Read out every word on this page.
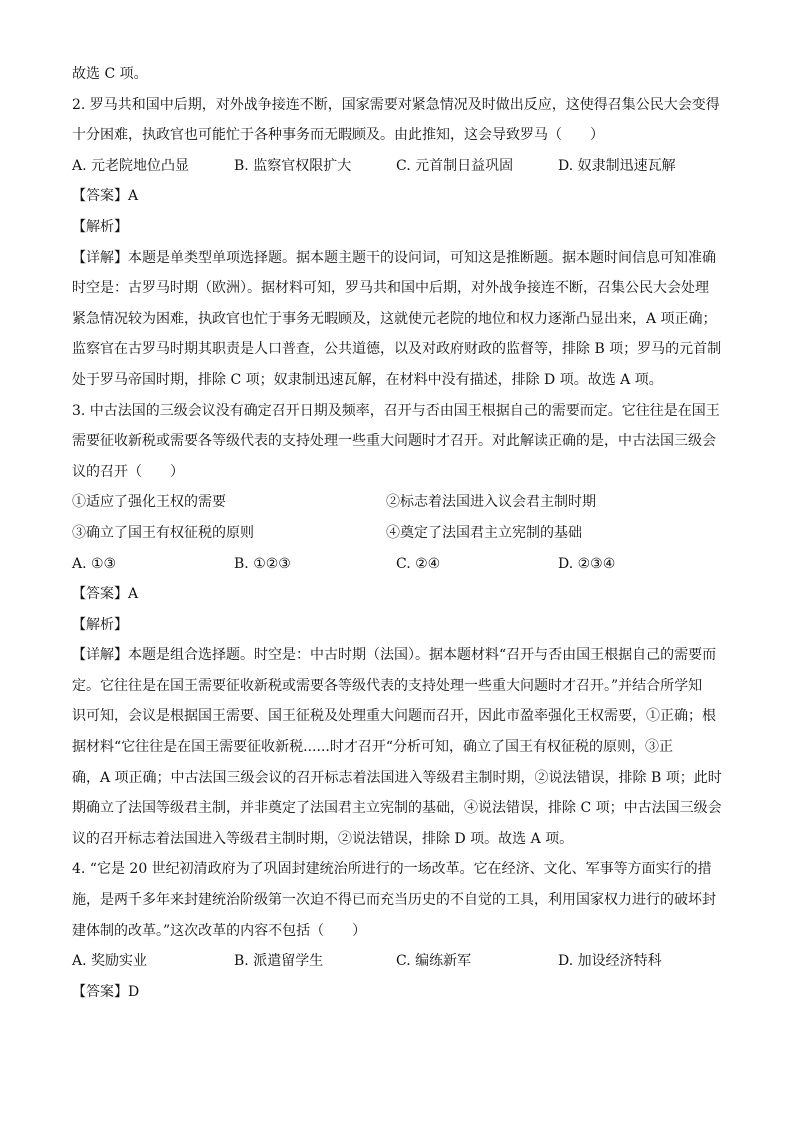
故选 C 项。
2. 罗马共和国中后期，对外战争接连不断，国家需要对紧急情况及时做出反应，这使得召集公民大会变得
十分困难，执政官也可能忙于各种事务而无暇顾及。由此推知，这会导致罗马（　　）
A. 元老院地位凸显	B. 监察官权限扩大	C. 元首制日益巩固	D. 奴隶制迅速瓦解
【答案】A
【解析】
【详解】本题是单类型单项选择题。据本题主题干的设问词，可知这是推断题。据本题时间信息可知准确
时空是：古罗马时期（欧洲）。据材料可知，罗马共和国中后期，对外战争接连不断，召集公民大会处理
紧急情况较为困难，执政官也忙于事务无暇顾及，这就使元老院的地位和权力逐渐凸显出来，A 项正确；
监察官在古罗马时期其职责是人口普查，公共道德，以及对政府财政的监督等，排除 B 项；罗马的元首制
处于罗马帝国时期，排除 C 项；奴隶制迅速瓦解，在材料中没有描述，排除 D 项。故选 A 项。
3. 中古法国的三级会议没有确定召开日期及频率，召开与否由国王根据自己的需要而定。它往往是在国王
需要征收新税或需要各等级代表的支持处理一些重大问题时才召开。对此解读正确的是，中古法国三级会
议的召开（　　）
①适应了强化王权的需要	②标志着法国进入议会君主制时期
③确立了国王有权征税的原则	④奠定了法国君主立宪制的基础
A. ①③	B. ①②③	C. ②④	D. ②③④
【答案】A
【解析】
【详解】本题是组合选择题。时空是：中古时期（法国）。据本题材料“召开与否由国王根据自己的需要而
定。它往往是在国王需要征收新税或需要各等级代表的支持处理一些重大问题时才召开。”并结合所学知
识可知，会议是根据国王需要、国王征税及处理重大问题而召开，因此市盈率强化王权需要，①正确；根
据材料“它往往是在国王需要征收新税......时才召开“分析可知，确立了国王有权征税的原则，③正
确，A 项正确；中古法国三级会议的召开标志着法国进入等级君主制时期，②说法错误，排除 B 项；此时
期确立了法国等级君主制，并非奠定了法国君主立宪制的基础，④说法错误，排除 C 项；中古法国三级会
议的召开标志着法国进入等级君主制时期，②说法错误，排除 D 项。故选 A 项。
4. “它是 20 世纪初清政府为了巩固封建统治所进行的一场改革。它在经济、文化、军事等方面实行的措
施，是两千多年来封建统治阶级第一次迫不得已而充当历史的不自觉的工具，利用国家权力进行的破坏封
建体制的改革。”这次改革的内容不包括（　　）
A. 奖励实业	B. 派遣留学生	C. 编练新军	D. 加设经济特科
【答案】D
